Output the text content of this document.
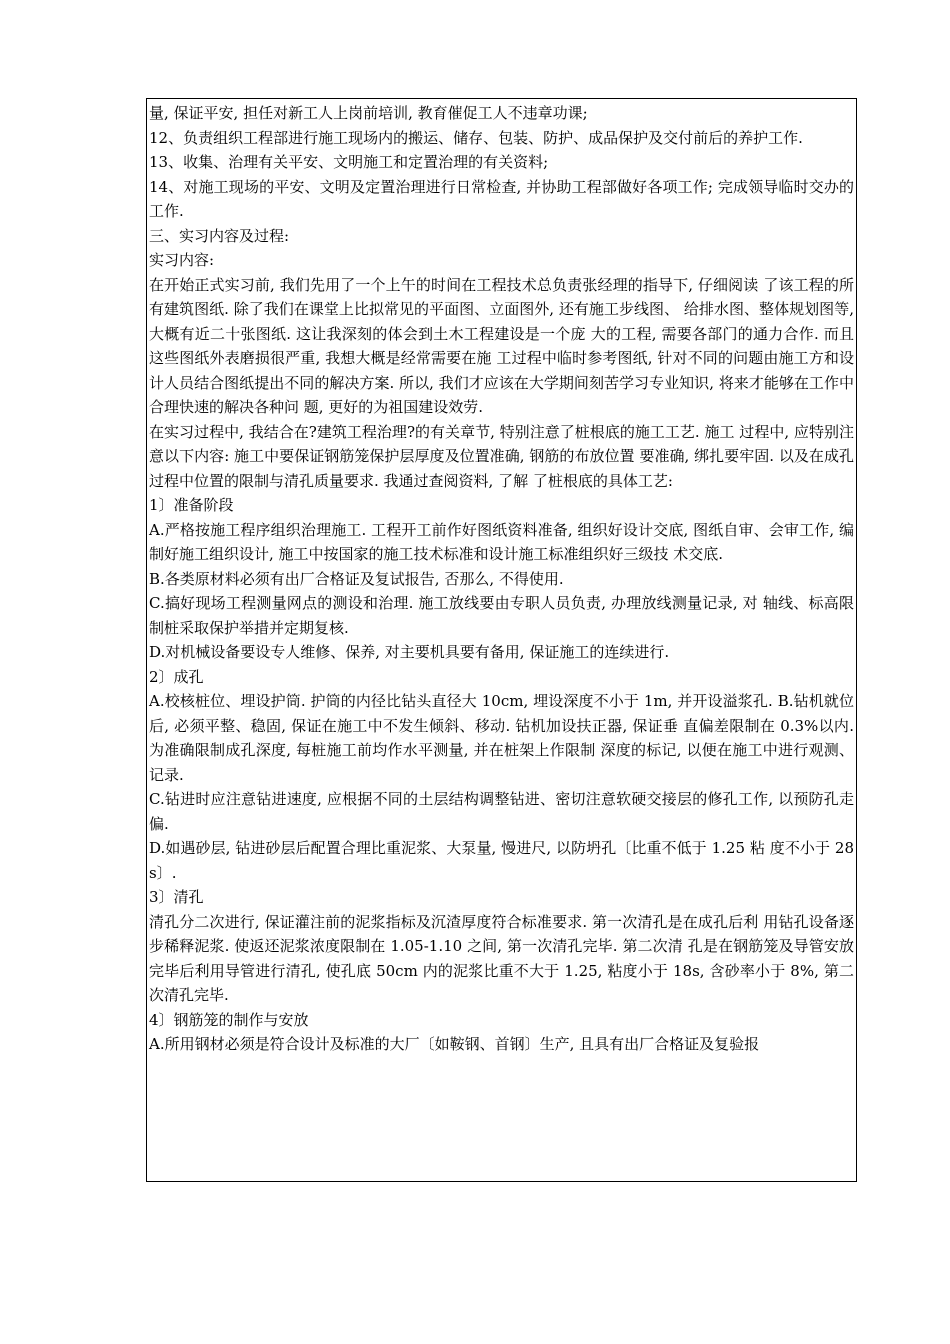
量, 保证平安, 担任对新工人上岗前培训, 教育催促工人不违章功课;

12、负责组织工程部进行施工现场内的搬运、储存、包装、防护、成品保护及交付前后的养护工作.

13、收集、治理有关平安、文明施工和定置治理的有关资料;

14、对施工现场的平安、文明及定置治理进行日常检查, 并协助工程部做好各项工作; 完成领导临时交办的工作.

三、实习内容及过程:

实习内容:

在开始正式实习前, 我们先用了一个上午的时间在工程技术总负责张经理的指导下, 仔细阅读 了该工程的所有建筑图纸. 除了我们在课堂上比拟常见的平面图、立面图外, 还有施工步线图、 给排水图、整体规划图等, 大概有近二十张图纸. 这让我深刻的体会到土木工程建设是一个庞 大的工程, 需要各部门的通力合作. 而且这些图纸外表磨损很严重, 我想大概是经常需要在施 工过程中临时参考图纸, 针对不同的问题由施工方和设计人员结合图纸提出不同的解决方案. 所以, 我们才应该在大学期间刻苦学习专业知识, 将来才能够在工作中合理快速的解决各种问 题, 更好的为祖国建设效劳.

在实习过程中, 我结合在?建筑工程治理?的有关章节, 特别注意了桩根底的施工工艺. 施工 过程中, 应特别注意以下内容: 施工中要保证钢筋笼保护层厚度及位置准确, 钢筋的布放位置 要准确, 绑扎要牢固. 以及在成孔过程中位置的限制与清孔质量要求. 我通过查阅资料, 了解 了桩根底的具体工艺:

1〕准备阶段

A.严格按施工程序组织治理施工. 工程开工前作好图纸资料准备, 组织好设计交底, 图纸自审、会审工作, 编制好施工组织设计, 施工中按国家的施工技术标准和设计施工标准组织好三级技 术交底.

B.各类原材料必须有出厂合格证及复试报告, 否那么, 不得使用.

C.搞好现场工程测量网点的测设和治理. 施工放线要由专职人员负责, 办理放线测量记录, 对 轴线、标高限制桩采取保护举措并定期复核.

D.对机械设备要设专人维修、保养, 对主要机具要有备用, 保证施工的连续进行.

2〕成孔

A.校核桩位、埋设护筒. 护筒的内径比钻头直径大 10cm, 埋设深度不小于 1m, 并开设溢浆孔. B.钻机就位后, 必须平整、稳固, 保证在施工中不发生倾斜、移动. 钻机加设扶正器, 保证垂 直偏差限制在 0.3%以内. 为准确限制成孔深度, 每桩施工前均作水平测量, 并在桩架上作限制 深度的标记, 以便在施工中进行观测、记录.

C.钻进时应注意钻进速度, 应根据不同的土层结构调整钻进、密切注意软硬交接层的修孔工作, 以预防孔走偏.

D.如遇砂层, 钻进砂层后配置合理比重泥浆、大泵量, 慢进尺, 以防坍孔〔比重不低于 1.25 粘 度不小于 28s〕.

3〕清孔

清孔分二次进行, 保证灌注前的泥浆指标及沉渣厚度符合标准要求. 第一次清孔是在成孔后利 用钻孔设备逐步稀释泥浆. 使返还泥浆浓度限制在 1.05-1.10 之间, 第一次清孔完毕. 第二次清 孔是在钢筋笼及导管安放完毕后利用导管进行清孔, 使孔底 50cm 内的泥浆比重不大于 1.25, 粘度小于 18s, 含砂率小于 8%, 第二次清孔完毕.

4〕钢筋笼的制作与安放

A.所用钢材必须是符合设计及标准的大厂〔如鞍钢、首钢〕生产, 且具有出厂合格证及复验报
